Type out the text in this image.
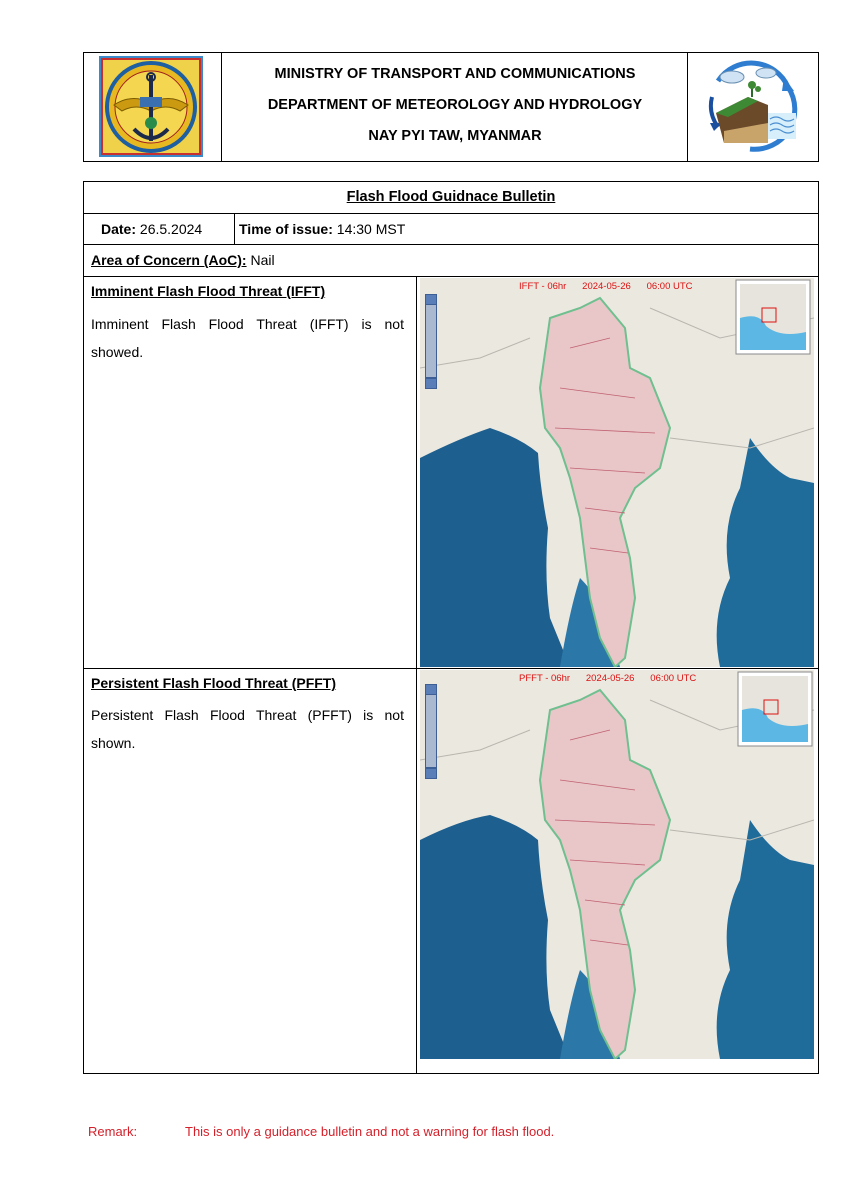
MINISTRY OF TRANSPORT AND COMMUNICATIONS
DEPARTMENT OF METEOROLOGY AND HYDROLOGY
NAY PYI TAW, MYANMAR
Flash Flood Guidnace Bulletin
Date: 26.5.2024	Time of issue: 14:30 MST
Area of Concern (AoC): Nail
Imminent Flash Flood Threat (IFFT)
Imminent Flash Flood Threat (IFFT) is not showed.
Persistent Flash Flood Threat (PFFT)
Persistent Flash Flood Threat (PFFT) is not shown.
IFFT - 06hr      2024-05-26      06:00 UTC
PFFT - 06hr      2024-05-26      06:00 UTC
Remark:	This is only a guidance bulletin and not a warning for flash flood.
